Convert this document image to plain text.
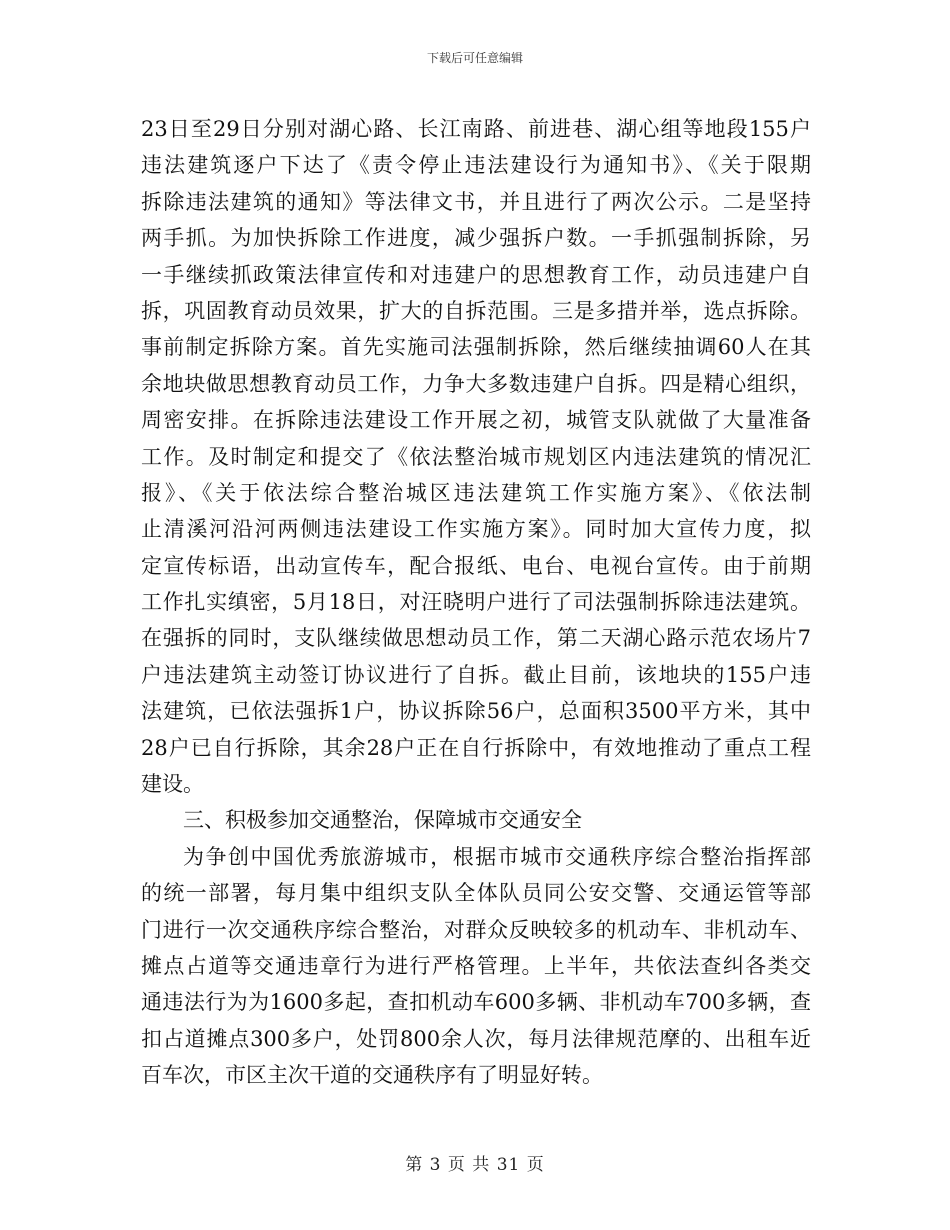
下载后可任意编辑
23日至29日分别对湖心路、长江南路、前进巷、湖心组等地段155户
违法建筑逐户下达了《责令停止违法建设行为通知书》、《关于限期
拆除违法建筑的通知》等法律文书，并且进行了两次公示。二是坚持
两手抓。为加快拆除工作进度，减少强拆户数。一手抓强制拆除，另
一手继续抓政策法律宣传和对违建户的思想教育工作，动员违建户自
拆，巩固教育动员效果，扩大的自拆范围。三是多措并举，选点拆除。
事前制定拆除方案。首先实施司法强制拆除，然后继续抽调60人在其
余地块做思想教育动员工作，力争大多数违建户自拆。四是精心组织，
周密安排。在拆除违法建设工作开展之初，城管支队就做了大量准备
工作。及时制定和提交了《依法整治城市规划区内违法建筑的情况汇
报》、《关于依法综合整治城区违法建筑工作实施方案》、《依法制
止清溪河沿河两侧违法建设工作实施方案》。同时加大宣传力度，拟
定宣传标语，出动宣传车，配合报纸、电台、电视台宣传。由于前期
工作扎实缜密，5月18日，对汪晓明户进行了司法强制拆除违法建筑。
在强拆的同时，支队继续做思想动员工作，第二天湖心路示范农场片7
户违法建筑主动签订协议进行了自拆。截止目前，该地块的155户违
法建筑，已依法强拆1户，协议拆除56户，总面积3500平方米，其中
28户已自行拆除，其余28户正在自行拆除中，有效地推动了重点工程
建设。
三、积极参加交通整治，保障城市交通安全
为争创中国优秀旅游城市，根据市城市交通秩序综合整治指挥部
的统一部署，每月集中组织支队全体队员同公安交警、交通运管等部
门进行一次交通秩序综合整治，对群众反映较多的机动车、非机动车、
摊点占道等交通违章行为进行严格管理。上半年，共依法查纠各类交
通违法行为为1600多起，查扣机动车600多辆、非机动车700多辆，查
扣占道摊点300多户，处罚800余人次，每月法律规范摩的、出租车近
百车次，市区主次干道的交通秩序有了明显好转。
第 3 页 共 31 页
